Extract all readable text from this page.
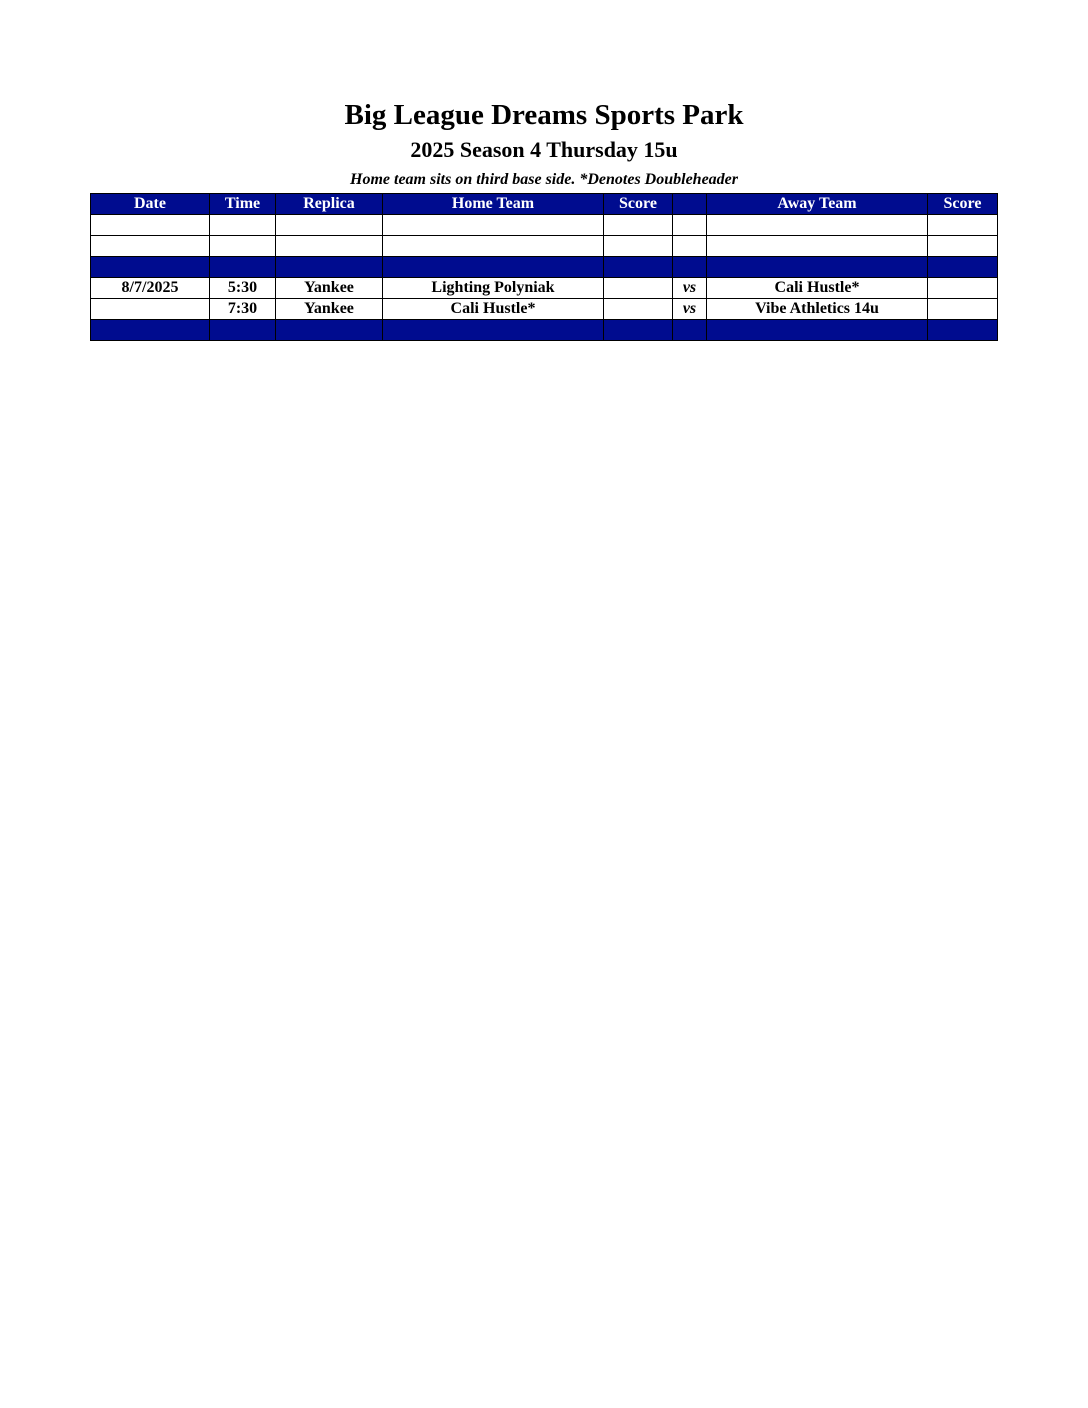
Big League Dreams Sports Park
2025 Season 4 Thursday 15u
Home team sits on third base side. *Denotes Doubleheader
Date	Time	Replica	Home Team	Score		Away Team	Score

8/7/2025	5:30	Yankee	Lighting Polyniak		vs	Cali Hustle*	
	7:30	Yankee	Cali Hustle*		vs	Vibe Athletics 14u	
